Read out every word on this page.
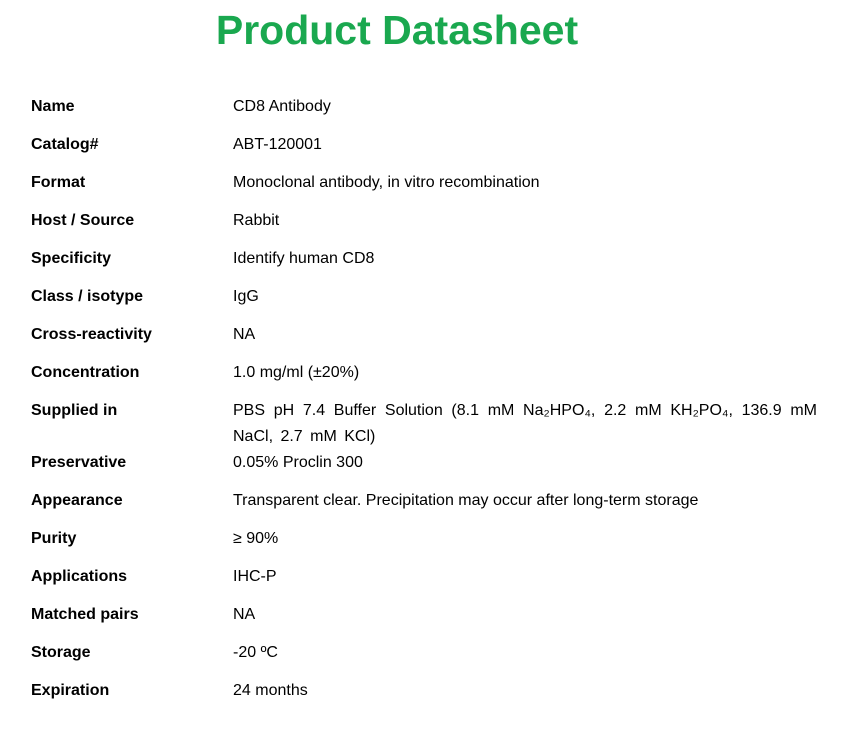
Product Datasheet
Name	CD8 Antibody
Catalog#	ABT-120001
Format	Monoclonal antibody, in vitro recombination
Host / Source	Rabbit
Specificity	Identify human CD8
Class / isotype	IgG
Cross-reactivity	NA
Concentration	1.0 mg/ml (±20%)
Supplied in	PBS pH 7.4 Buffer Solution (8.1 mM Na₂HPO₄, 2.2 mM KH₂PO₄, 136.9 mM NaCl, 2.7 mM KCl)
Preservative	0.05% Proclin 300
Appearance	Transparent clear. Precipitation may occur after long-term storage
Purity	≥ 90%
Applications	IHC-P
Matched pairs	NA
Storage	-20 ºC
Expiration	24 months
